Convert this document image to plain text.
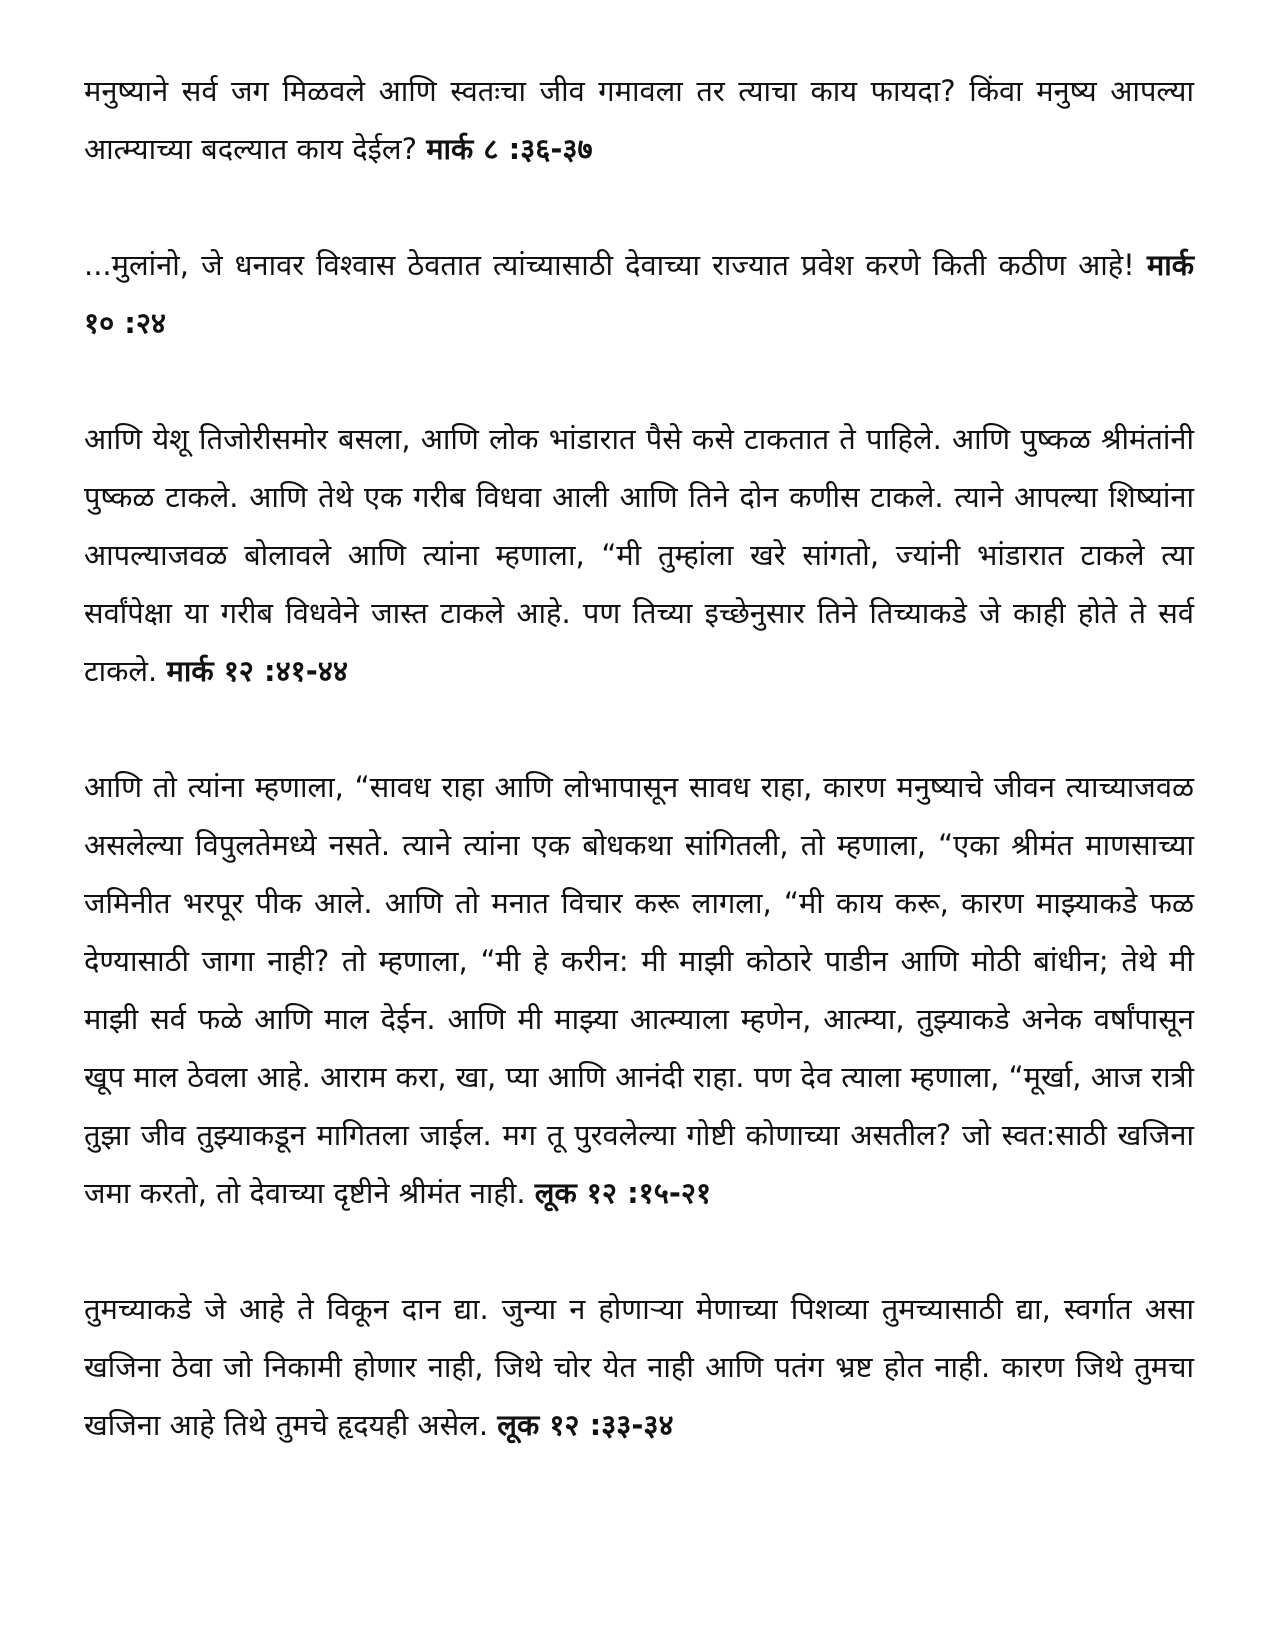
मनुष्याने सर्व जग मिळवले आणि स्वतःचा जीव गमावला तर त्याचा काय फायदा? किंवा मनुष्य आपल्या आत्म्याच्या बदल्यात काय देईल? मार्क ८ :३६-३७

...मुलांनो, जे धनावर विश्वास ठेवतात त्यांच्यासाठी देवाच्या राज्यात प्रवेश करणे किती कठीण आहे! मार्क १० :२४

आणि येशू तिजोरीसमोर बसला, आणि लोक भांडारात पैसे कसे टाकतात ते पाहिले. आणि पुष्कळ श्रीमंतांनी पुष्कळ टाकले. आणि तेथे एक गरीब विधवा आली आणि तिने दोन कणीस टाकले. त्याने आपल्या शिष्यांना आपल्याजवळ बोलावले आणि त्यांना म्हणाला, “मी तुम्हांला खरे सांगतो, ज्यांनी भांडारात टाकले त्या सर्वांपेक्षा या गरीब विधवेने जास्त टाकले आहे. पण तिच्या इच्छेनुसार तिने तिच्याकडे जे काही होते ते सर्व टाकले. मार्क १२ :४१-४४

आणि तो त्यांना म्हणाला, “सावध राहा आणि लोभापासून सावध राहा, कारण मनुष्याचे जीवन त्याच्याजवळ असलेल्या विपुलतेमध्ये नसते. त्याने त्यांना एक बोधकथा सांगितली, तो म्हणाला, “एका श्रीमंत माणसाच्या जमिनीत भरपूर पीक आले. आणि तो मनात विचार करू लागला, “मी काय करू, कारण माझ्याकडे फळ देण्यासाठी जागा नाही? तो म्हणाला, “मी हे करीन: मी माझी कोठारे पाडीन आणि मोठी बांधीन; तेथे मी माझी सर्व फळे आणि माल देईन. आणि मी माझ्या आत्म्याला म्हणेन, आत्म्या, तुझ्याकडे अनेक वर्षांपासून खूप माल ठेवला आहे. आराम करा, खा, प्या आणि आनंदी राहा. पण देव त्याला म्हणाला, “मूर्खा, आज रात्री तुझा जीव तुझ्याकडून मागितला जाईल. मग तू पुरवलेल्या गोष्टी कोणाच्या असतील? जो स्वत:साठी खजिना जमा करतो, तो देवाच्या दृष्टीने श्रीमंत नाही. लूक १२ :१५-२१

तुमच्याकडे जे आहे ते विकून दान द्या. जुन्या न होणाऱ्या मेणाच्या पिशव्या तुमच्यासाठी द्या, स्वर्गात असा खजिना ठेवा जो निकामी होणार नाही, जिथे चोर येत नाही आणि पतंग भ्रष्ट होत नाही. कारण जिथे तुमचा खजिना आहे तिथे तुमचे हृदयही असेल. लूक १२ :३३-३४
